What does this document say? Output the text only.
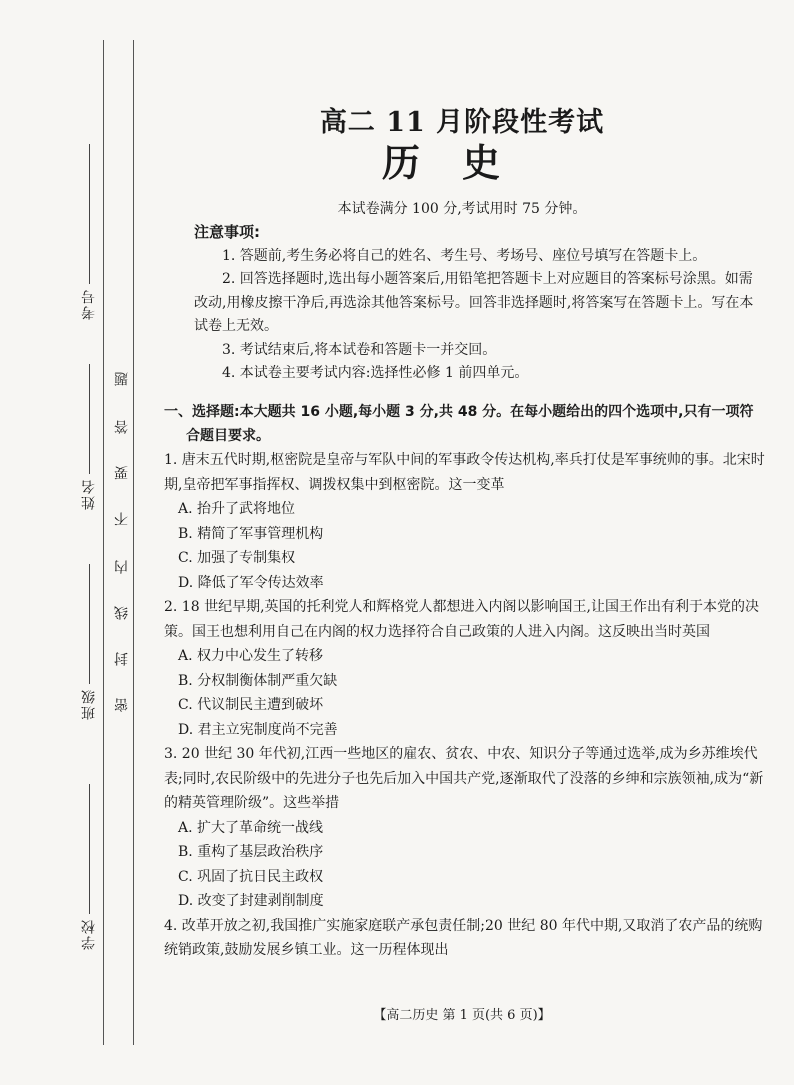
考号
姓名
班级
学校
题
答
要
不
内
线
封
密
高二 11 月阶段性考试
历史
本试卷满分 100 分,考试用时 75 分钟。
注意事项:

1. 答题前,考生务必将自己的姓名、考生号、考场号、座位号填写在答题卡上。

2. 回答选择题时,选出每小题答案后,用铅笔把答题卡上对应题目的答案标号涂黑。如需改动,用橡皮擦干净后,再选涂其他答案标号。回答非选择题时,将答案写在答题卡上。写在本试卷上无效。

3. 考试结束后,将本试卷和答题卡一并交回。

4. 本试卷主要考试内容:选择性必修 1 前四单元。

一、选择题:本大题共 16 小题,每小题 3 分,共 48 分。在每小题给出的四个选项中,只有一项符
合题目要求。

1. 唐末五代时期,枢密院是皇帝与军队中间的军事政令传达机构,率兵打仗是军事统帅的事。北宋时期,皇帝把军事指挥权、调拨权集中到枢密院。这一变革

A. 抬升了武将地位

B. 精简了军事管理机构

C. 加强了专制集权

D. 降低了军令传达效率

2. 18 世纪早期,英国的托利党人和辉格党人都想进入内阁以影响国王,让国王作出有利于本党的决策。国王也想利用自己在内阁的权力选择符合自己政策的人进入内阁。这反映出当时英国

A. 权力中心发生了转移

B. 分权制衡体制严重欠缺

C. 代议制民主遭到破坏

D. 君主立宪制度尚不完善

3. 20 世纪 30 年代初,江西一些地区的雇农、贫农、中农、知识分子等通过选举,成为乡苏维埃代表;同时,农民阶级中的先进分子也先后加入中国共产党,逐渐取代了没落的乡绅和宗族领袖,成为“新的精英管理阶级”。这些举措

A. 扩大了革命统一战线

B. 重构了基层政治秩序

C. 巩固了抗日民主政权

D. 改变了封建剥削制度

4. 改革开放之初,我国推广实施家庭联产承包责任制;20 世纪 80 年代中期,又取消了农产品的统购统销政策,鼓励发展乡镇工业。这一历程体现出

【高二历史 第 1 页(共 6 页)】
